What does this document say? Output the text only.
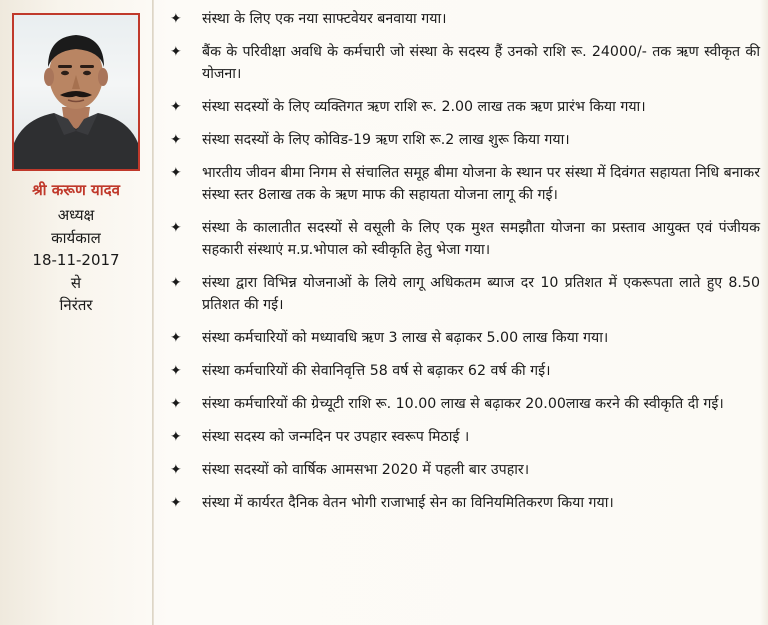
श्री करूण यादव
अध्यक्ष
कार्यकाल
18-11-2017
से
निरंतर
✦	संस्था के लिए एक नया साफ्टवेयर बनवाया गया।
✦	बैंक के परिवीक्षा अवधि के कर्मचारी जो संस्था के सदस्य हैं उनको राशि रू. 24000/- तक ऋण स्वीकृत की योजना।
✦	संस्था सदस्यों के लिए व्यक्तिगत ऋण राशि रू. 2.00 लाख तक ऋण प्रारंभ किया गया।
✦	संस्था सदस्यों के लिए कोविड-19 ऋण राशि रू.2 लाख शुरू किया गया।
✦	भारतीय जीवन बीमा निगम से संचालित समूह बीमा योजना के स्थान पर संस्था में दिवंगत सहायता निधि बनाकर संस्था स्तर 8लाख तक के ऋण माफ की सहायता योजना लागू की गई।
✦	संस्था के कालातीत सदस्यों से वसूली के लिए एक मुश्त समझौता योजना का प्रस्ताव आयुक्त एवं पंजीयक सहकारी संस्थाएं म.प्र.भोपाल को स्वीकृति हेतु भेजा गया।
✦	संस्था द्वारा विभिन्न योजनाओं के लिये लागू अधिकतम ब्याज दर 10 प्रतिशत में एकरूपता लाते हुए 8.50 प्रतिशत की गई।
✦	संस्था कर्मचारियों को मध्यावधि ऋण 3 लाख से बढ़ाकर 5.00 लाख किया गया।
✦	संस्था कर्मचारियों की सेवानिवृत्ति 58 वर्ष से बढ़ाकर 62 वर्ष की गई।
✦	संस्था कर्मचारियों की ग्रेच्यूटी राशि रू. 10.00 लाख से बढ़ाकर 20.00लाख करने की स्वीकृति दी गई।
✦	संस्था सदस्य को जन्मदिन पर उपहार स्वरूप मिठाई ।
✦	संस्था सदस्यों को वार्षिक आमसभा 2020 में पहली बार उपहार।
✦	संस्था में कार्यरत दैनिक वेतन भोगी राजाभाई सेन का विनियमितिकरण किया गया।
